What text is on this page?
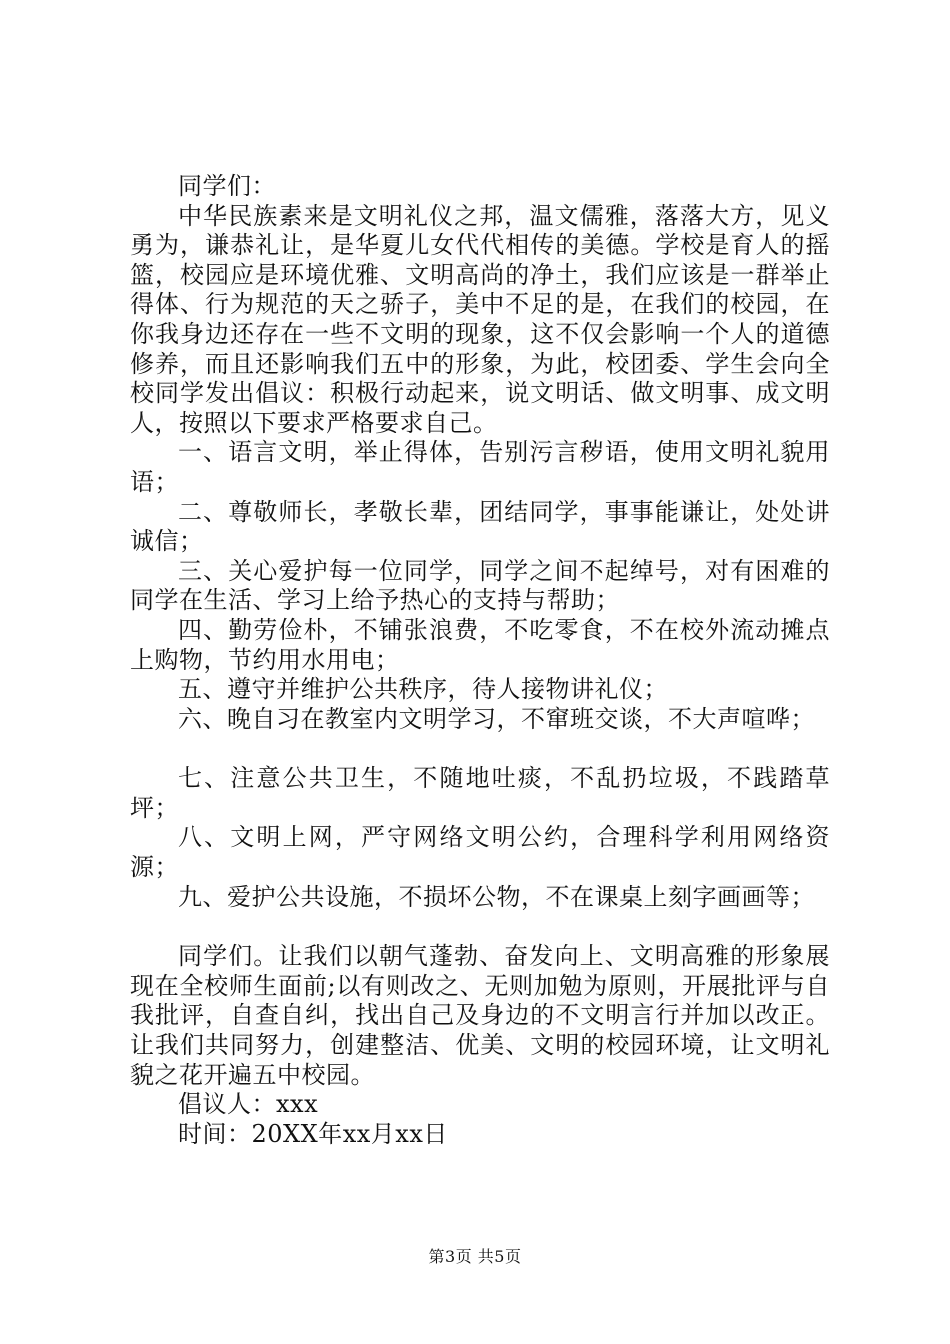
同学们：

中华民族素来是文明礼仪之邦，温文儒雅，落落大方，见义勇为，谦恭礼让，是华夏儿女代代相传的美德。学校是育人的摇篮，校园应是环境优雅、文明高尚的净土，我们应该是一群举止得体、行为规范的天之骄子，美中不足的是，在我们的校园，在你我身边还存在一些不文明的现象，这不仅会影响一个人的道德修养，而且还影响我们五中的形象，为此，校团委、学生会向全校同学发出倡议：积极行动起来，说文明话、做文明事、成文明人，按照以下要求严格要求自己。

一、语言文明，举止得体，告别污言秽语，使用文明礼貌用语；

二、尊敬师长，孝敬长辈，团结同学，事事能谦让，处处讲诚信；

三、关心爱护每一位同学，同学之间不起绰号，对有困难的同学在生活、学习上给予热心的支持与帮助；

四、勤劳俭朴，不铺张浪费，不吃零食，不在校外流动摊点上购物，节约用水用电；

五、遵守并维护公共秩序，待人接物讲礼仪；

六、晚自习在教室内文明学习，不窜班交谈，不大声喧哗；

七、注意公共卫生，不随地吐痰，不乱扔垃圾，不践踏草坪；

八、文明上网，严守网络文明公约，合理科学利用网络资源；

九、爱护公共设施，不损坏公物，不在课桌上刻字画画等；

同学们。让我们以朝气蓬勃、奋发向上、文明高雅的形象展现在全校师生面前;以有则改之、无则加勉为原则，开展批评与自我批评，自查自纠，找出自己及身边的不文明言行并加以改正。让我们共同努力，创建整洁、优美、文明的校园环境，让文明礼貌之花开遍五中校园。

倡议人：xxx

时间：20XX年xx月xx日

第3页 共5页
